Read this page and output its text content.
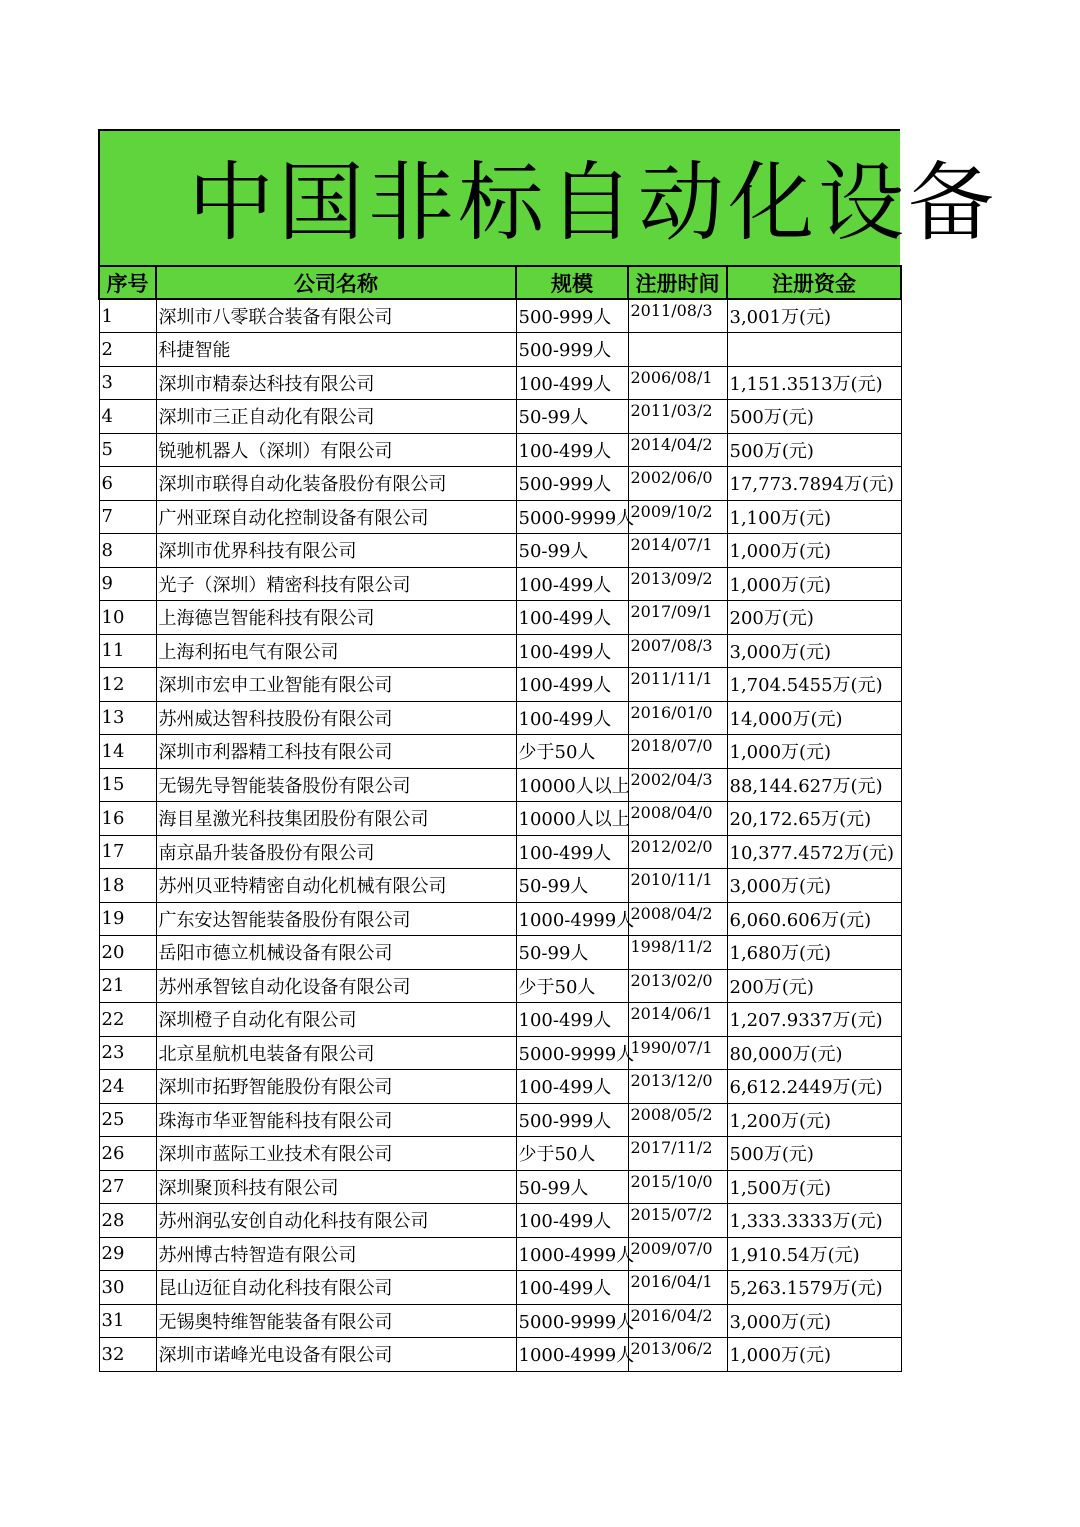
中国非标自动化设备
序号	公司名称	规模	注册时间	注册资金
1	深圳市八零联合装备有限公司	500-999人	2011/08/3	3,001万(元)
2	科捷智能	500-999人		
3	深圳市精泰达科技有限公司	100-499人	2006/08/1	1,151.3513万(元)
4	深圳市三正自动化有限公司	50-99人	2011/03/2	500万(元)
5	锐驰机器人（深圳）有限公司	100-499人	2014/04/2	500万(元)
6	深圳市联得自动化装备股份有限公司	500-999人	2002/06/0	17,773.7894万(元)
7	广州亚琛自动化控制设备有限公司	5000-9999人	2009/10/2	1,100万(元)
8	深圳市优界科技有限公司	50-99人	2014/07/1	1,000万(元)
9	光子（深圳）精密科技有限公司	100-499人	2013/09/2	1,000万(元)
10	上海德岂智能科技有限公司	100-499人	2017/09/1	200万(元)
11	上海利拓电气有限公司	100-499人	2007/08/3	3,000万(元)
12	深圳市宏申工业智能有限公司	100-499人	2011/11/1	1,704.5455万(元)
13	苏州威达智科技股份有限公司	100-499人	2016/01/0	14,000万(元)
14	深圳市利器精工科技有限公司	少于50人	2018/07/0	1,000万(元)
15	无锡先导智能装备股份有限公司	10000人以上	2002/04/3	88,144.627万(元)
16	海目星激光科技集团股份有限公司	10000人以上	2008/04/0	20,172.65万(元)
17	南京晶升装备股份有限公司	100-499人	2012/02/0	10,377.4572万(元)
18	苏州贝亚特精密自动化机械有限公司	50-99人	2010/11/1	3,000万(元)
19	广东安达智能装备股份有限公司	1000-4999人	2008/04/2	6,060.606万(元)
20	岳阳市德立机械设备有限公司	50-99人	1998/11/2	1,680万(元)
21	苏州承智铉自动化设备有限公司	少于50人	2013/02/0	200万(元)
22	深圳橙子自动化有限公司	100-499人	2014/06/1	1,207.9337万(元)
23	北京星航机电装备有限公司	5000-9999人	1990/07/1	80,000万(元)
24	深圳市拓野智能股份有限公司	100-499人	2013/12/0	6,612.2449万(元)
25	珠海市华亚智能科技有限公司	500-999人	2008/05/2	1,200万(元)
26	深圳市蓝际工业技术有限公司	少于50人	2017/11/2	500万(元)
27	深圳聚顶科技有限公司	50-99人	2015/10/0	1,500万(元)
28	苏州润弘安创自动化科技有限公司	100-499人	2015/07/2	1,333.3333万(元)
29	苏州博古特智造有限公司	1000-4999人	2009/07/0	1,910.54万(元)
30	昆山迈征自动化科技有限公司	100-499人	2016/04/1	5,263.1579万(元)
31	无锡奥特维智能装备有限公司	5000-9999人	2016/04/2	3,000万(元)
32	深圳市诺峰光电设备有限公司	1000-4999人	2013/06/2	1,000万(元)
